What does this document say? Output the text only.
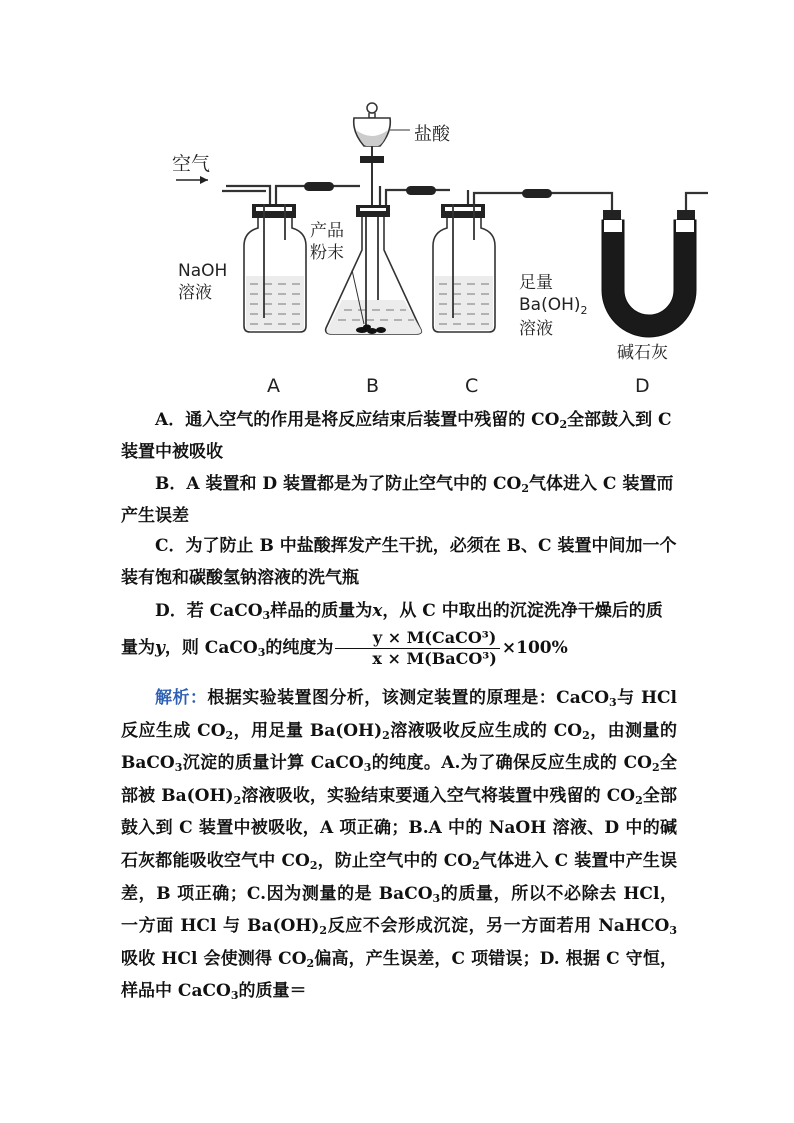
空气
NaOH
溶液
盐酸
产品
粉末
足量
$Ba(OH)_2$
溶液
碱石灰
A	B	C	D
A．通入空气的作用是将反应结束后装置中残留的 $CO_2$全部鼓入到 C 装置中被吸收
B．A 装置和 D 装置都是为了防止空气中的 $CO_2$气体进入 C 装置而产生误差
C．为了防止 B 中盐酸挥发产生干扰，必须在 B、C 装置中间加一个装有饱和碳酸氢钠溶液的洗气瓶
D．若 CaCO$_3$样品的质量为x，从 C 中取出的沉淀洗净干燥后的质量为y，则 CaCO$_3$的纯度为 $\frac{\text{y × M(CaCO³)}}{\text{x × M(BaCO³)}} \times 100\%$
解析：根据实验装置图分析，该测定装置的原理是：CaCO$_3$与 HCl 反应生成 $CO_2$，用足量 $Ba(OH)_2$溶液吸收反应生成的 $CO_2$，由测量的 BaCO$_3$沉淀的质量计算 CaCO$_3$的纯度。A.为了确保反应生成的 $CO_2$全部被 $Ba(OH)_2$溶液吸收，实验结束要通入空气将装置中残留的 $CO_2$全部鼓入到 C 装置中被吸收，A 项正确；B.A 中的 NaOH 溶液、D 中的碱石灰都能吸收空气中 $CO_2$，防止空气中的 $CO_2$气体进入 C 装置中产生误差，B 项正确；C.因为测量的是 BaCO$_3$的质量，所以不必除去 HCl，一方面 HCl 与 $Ba(OH)_2$反应不会形成沉淀，另一方面若用 NaHCO$_3$吸收 HCl 会使测得 $CO_2$偏高，产生误差，C 项错误；D. 根据 C 守恒，样品中 CaCO$_3$的质量＝
